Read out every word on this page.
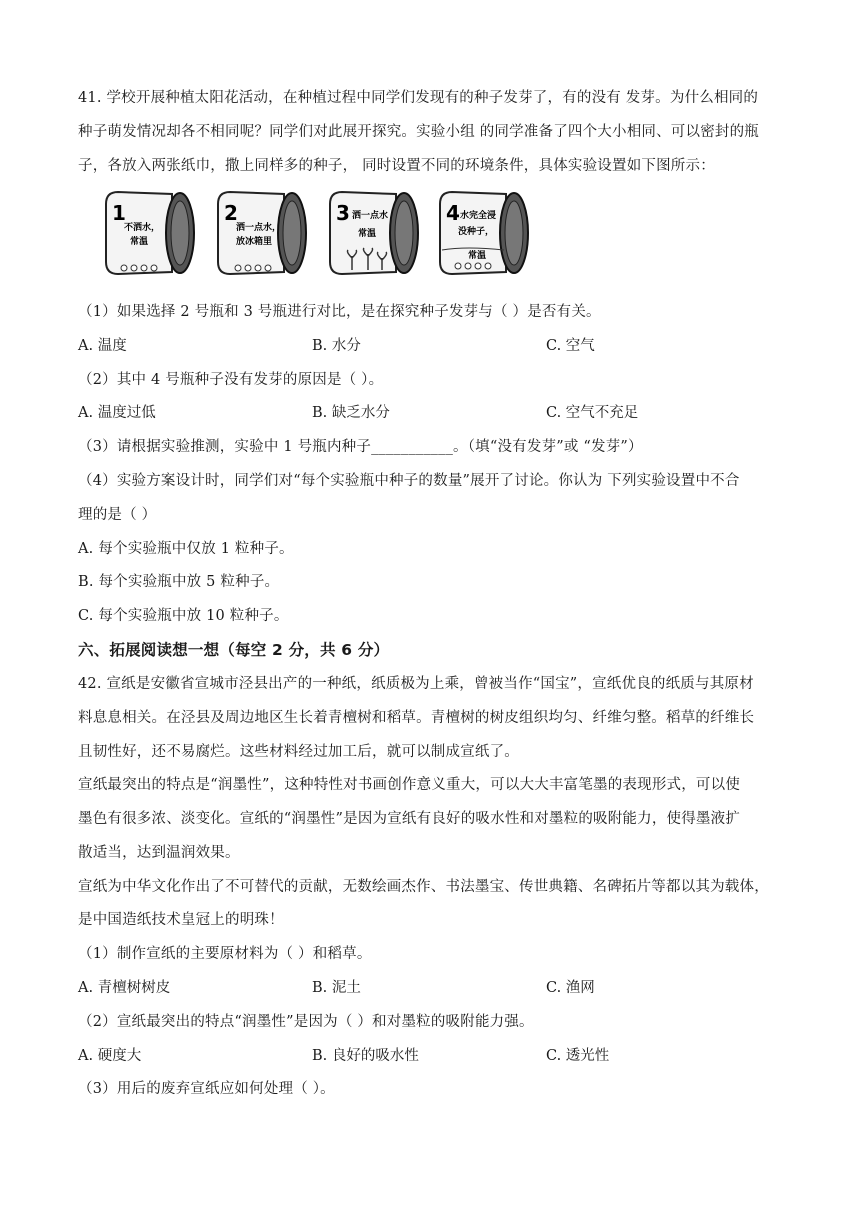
41. 学校开展种植太阳花活动，在种植过程中同学们发现有的种子发芽了，有的没有 发芽。为什么相同的
种子萌发情况却各不相同呢？同学们对此展开探究。实验小组 的同学准备了四个大小相同、可以密封的瓶
子，各放入两张纸巾，撒上同样多的种子， 同时设置不同的环境条件，具体实验设置如下图所示：
1
不洒水，
常温
2
洒一点水，
放冰箱里
3 洒一点水
常温
4 水完全浸
没种子，
常温
（1）如果选择 2 号瓶和 3 号瓶进行对比，是在探究种子发芽与（ ）是否有关。
A. 温度	B. 水分	C. 空气
（2）其中 4 号瓶种子没有发芽的原因是（ ）。
A. 温度过低	B. 缺乏水分	C. 空气不充足
（3）请根据实验推测，实验中 1 号瓶内种子___________。（填“没有发芽”或 “发芽”）
（4）实验方案设计时，同学们对“每个实验瓶中种子的数量”展开了讨论。你认为 下列实验设置中不合
理的是（ ）
A. 每个实验瓶中仅放 1 粒种子。
B. 每个实验瓶中放 5 粒种子。
C. 每个实验瓶中放 10 粒种子。
六、拓展阅读想一想（每空 2 分，共 6 分）
42. 宣纸是安徽省宣城市泾县出产的一种纸，纸质极为上乘，曾被当作“国宝”，宣纸优良的纸质与其原材
料息息相关。在泾县及周边地区生长着青檀树和稻草。青檀树的树皮组织均匀、纤维匀整。稻草的纤维长
且韧性好，还不易腐烂。这些材料经过加工后，就可以制成宣纸了。
宣纸最突出的特点是“润墨性”，这种特性对书画创作意义重大，可以大大丰富笔墨的表现形式，可以使
墨色有很多浓、淡变化。宣纸的“润墨性”是因为宣纸有良好的吸水性和对墨粒的吸附能力，使得墨液扩
散适当，达到温润效果。
宣纸为中华文化作出了不可替代的贡献，无数绘画杰作、书法墨宝、传世典籍、名碑拓片等都以其为载体，
是中国造纸技术皇冠上的明珠！
（1）制作宣纸的主要原材料为（ ）和稻草。
A. 青檀树树皮	B. 泥土	C. 渔网
（2）宣纸最突出的特点“润墨性”是因为（ ）和对墨粒的吸附能力强。
A. 硬度大	B. 良好的吸水性	C. 透光性
（3）用后的废弃宣纸应如何处理（ ）。
